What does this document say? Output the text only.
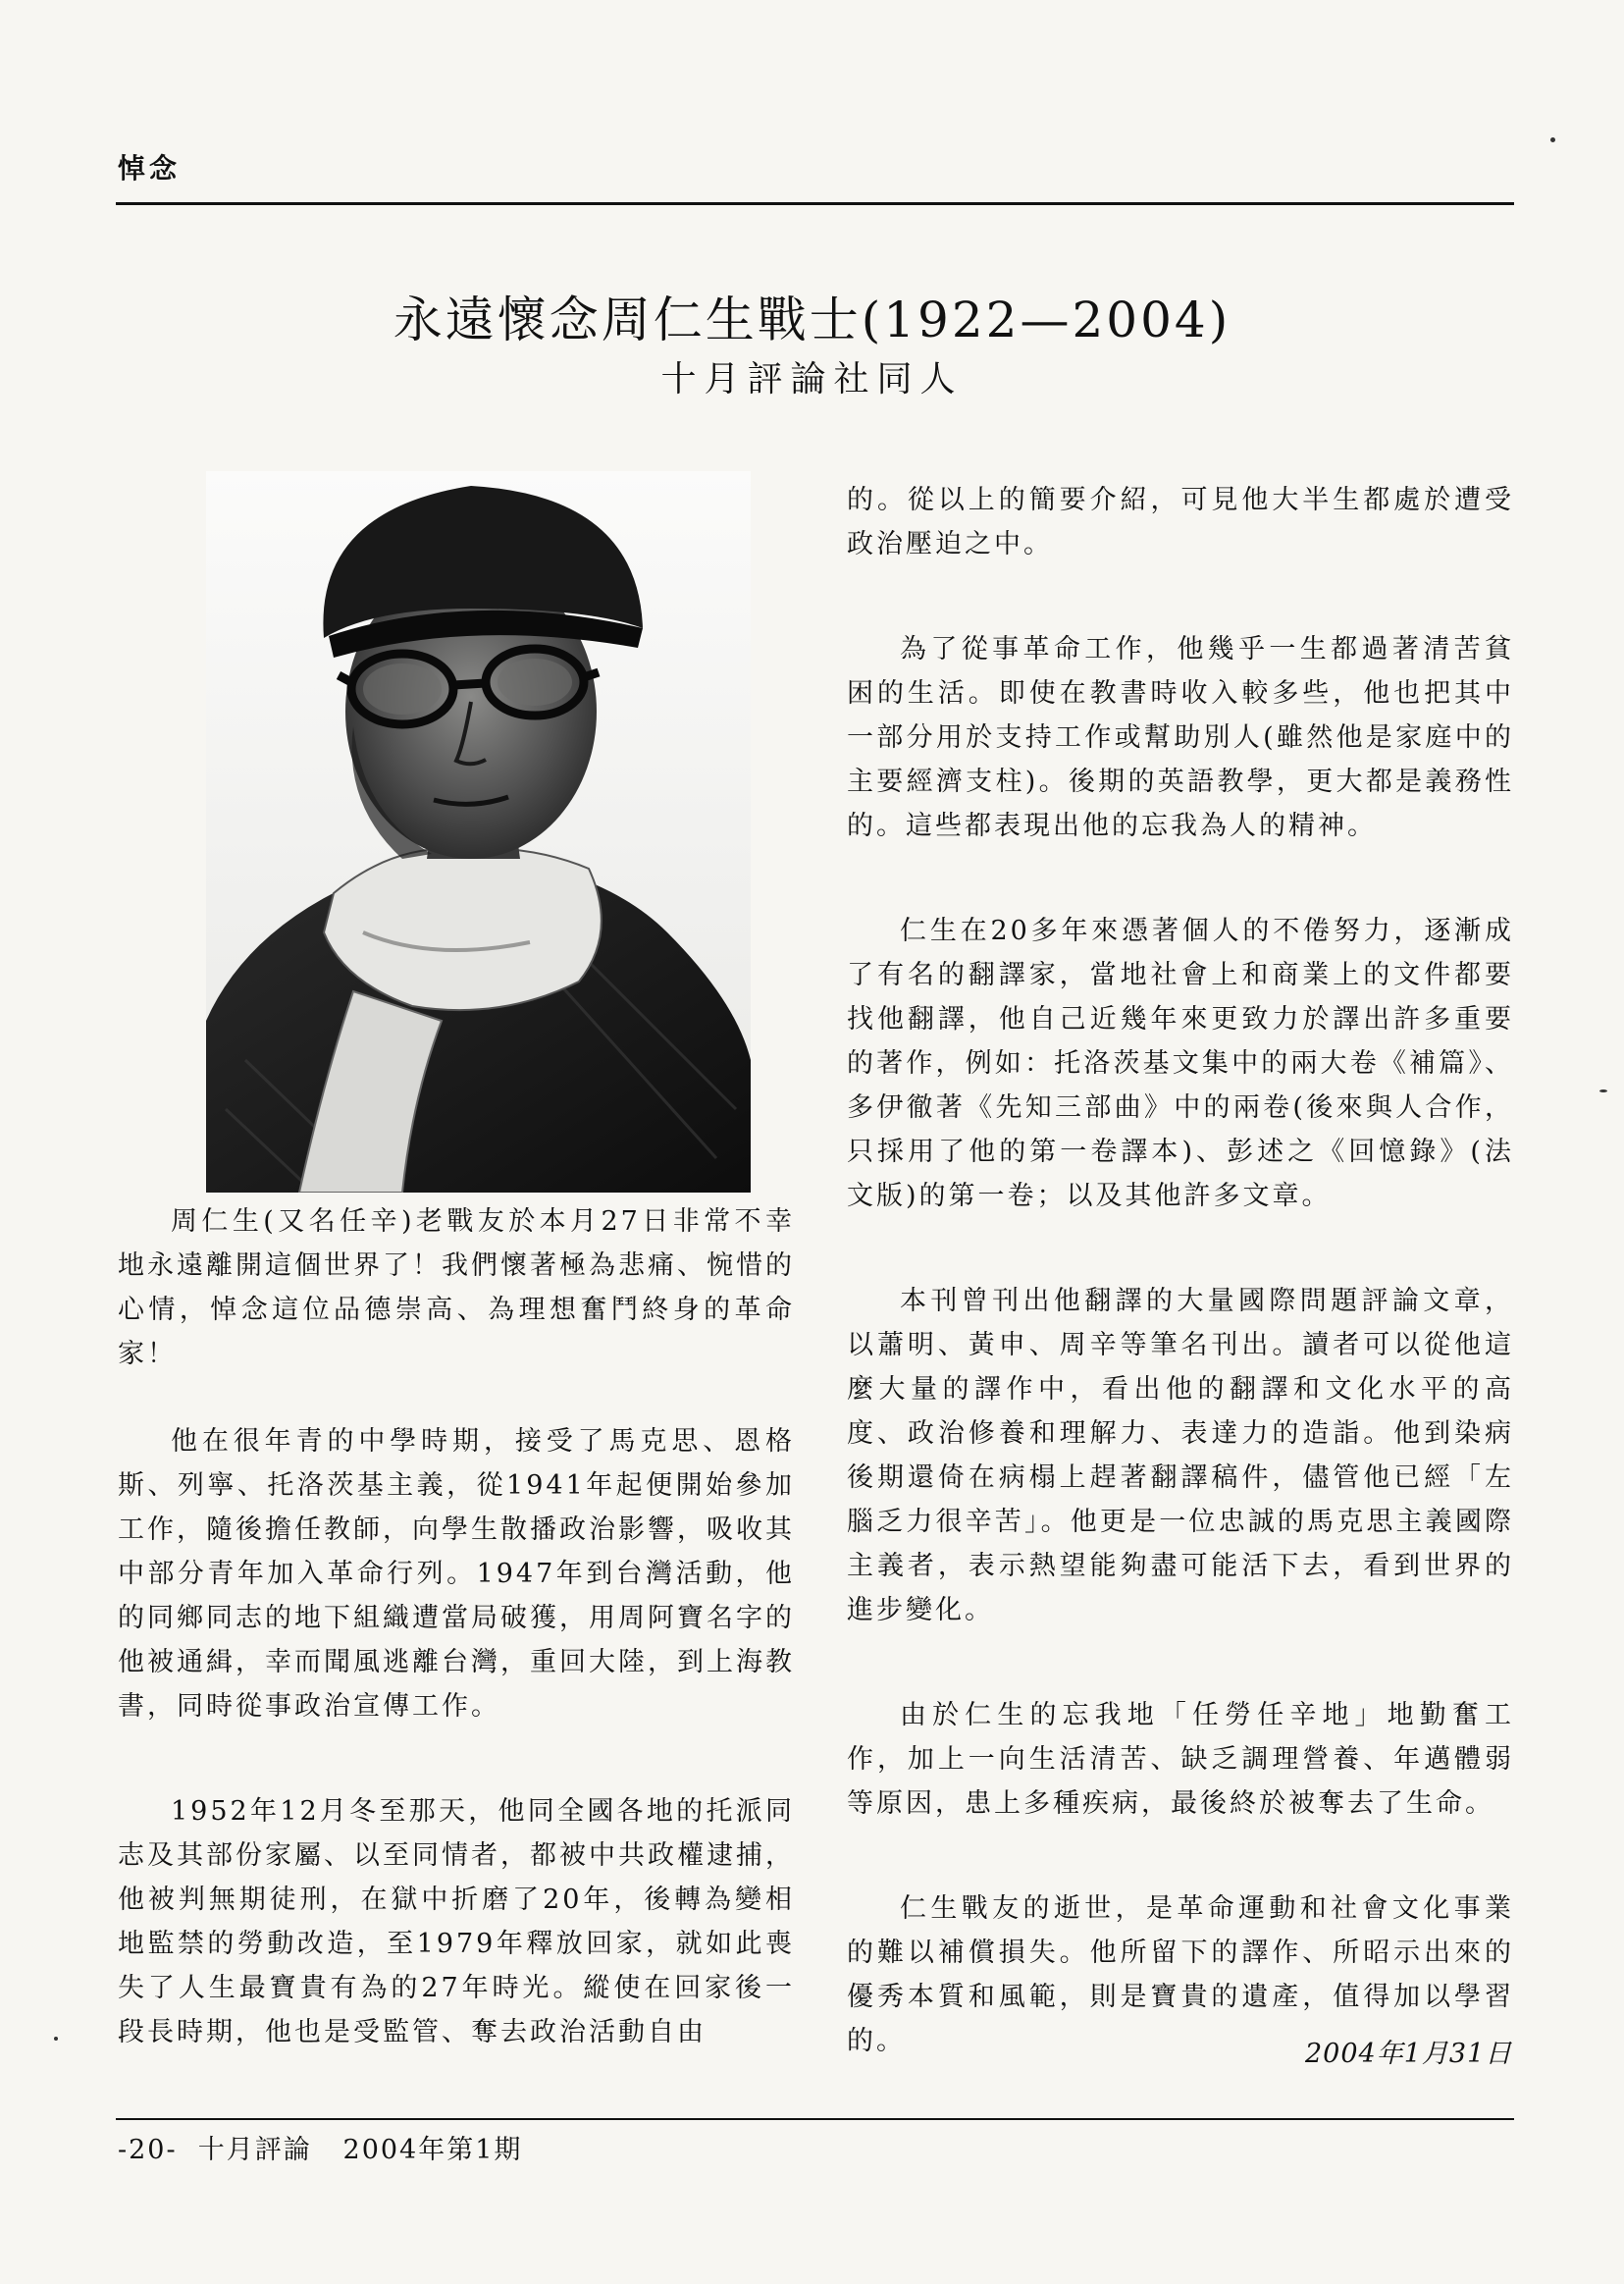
悼念
永遠懷念周仁生戰士(1922—2004)
十月評論社同人

周仁生(又名任辛)老戰友於本月27日非常不幸地永遠離開這個世界了！我們懷著極為悲痛、惋惜的心情，悼念這位品德崇高、為理想奮鬥終身的革命家！

他在很年青的中學時期，接受了馬克思、恩格斯、列寧、托洛茨基主義，從1941年起便開始參加工作，隨後擔任教師，向學生散播政治影響，吸收其中部分青年加入革命行列。1947年到台灣活動，他的同鄉同志的地下組織遭當局破獲，用周阿寶名字的他被通緝，幸而聞風逃離台灣，重回大陸，到上海教書，同時從事政治宣傳工作。

1952年12月冬至那天，他同全國各地的托派同志及其部份家屬、以至同情者，都被中共政權逮捕，他被判無期徒刑，在獄中折磨了20年，後轉為變相地監禁的勞動改造，至1979年釋放回家，就如此喪失了人生最寶貴有為的27年時光。縱使在回家後一段長時期，他也是受監管、奪去政治活動自由

的。從以上的簡要介紹，可見他大半生都處於遭受政治壓迫之中。

為了從事革命工作，他幾乎一生都過著清苦貧困的生活。即使在教書時收入較多些，他也把其中一部分用於支持工作或幫助別人(雖然他是家庭中的主要經濟支柱)。後期的英語教學，更大都是義務性的。這些都表現出他的忘我為人的精神。

仁生在20多年來憑著個人的不倦努力，逐漸成了有名的翻譯家，當地社會上和商業上的文件都要找他翻譯，他自己近幾年來更致力於譯出許多重要的著作，例如：托洛茨基文集中的兩大卷《補篇》、多伊徹著《先知三部曲》中的兩卷(後來與人合作，只採用了他的第一卷譯本)、彭述之《回憶錄》(法文版)的第一卷；以及其他許多文章。

本刊曾刊出他翻譯的大量國際問題評論文章，以蕭明、黃申、周辛等筆名刊出。讀者可以從他這麼大量的譯作中，看出他的翻譯和文化水平的高度、政治修養和理解力、表達力的造詣。他到染病後期還倚在病榻上趕著翻譯稿件，儘管他已經「左腦乏力很辛苦」。他更是一位忠誠的馬克思主義國際主義者，表示熱望能夠盡可能活下去，看到世界的進步變化。

由於仁生的忘我地「任勞任辛地」地勤奮工作，加上一向生活清苦、缺乏調理營養、年邁體弱等原因，患上多種疾病，最後終於被奪去了生命。

仁生戰友的逝世，是革命運動和社會文化事業的難以補償損失。他所留下的譯作、所昭示出來的優秀本質和風範，則是寶貴的遺產，值得加以學習的。	2004年1月31日
-20-  十月評論   2004年第1期
